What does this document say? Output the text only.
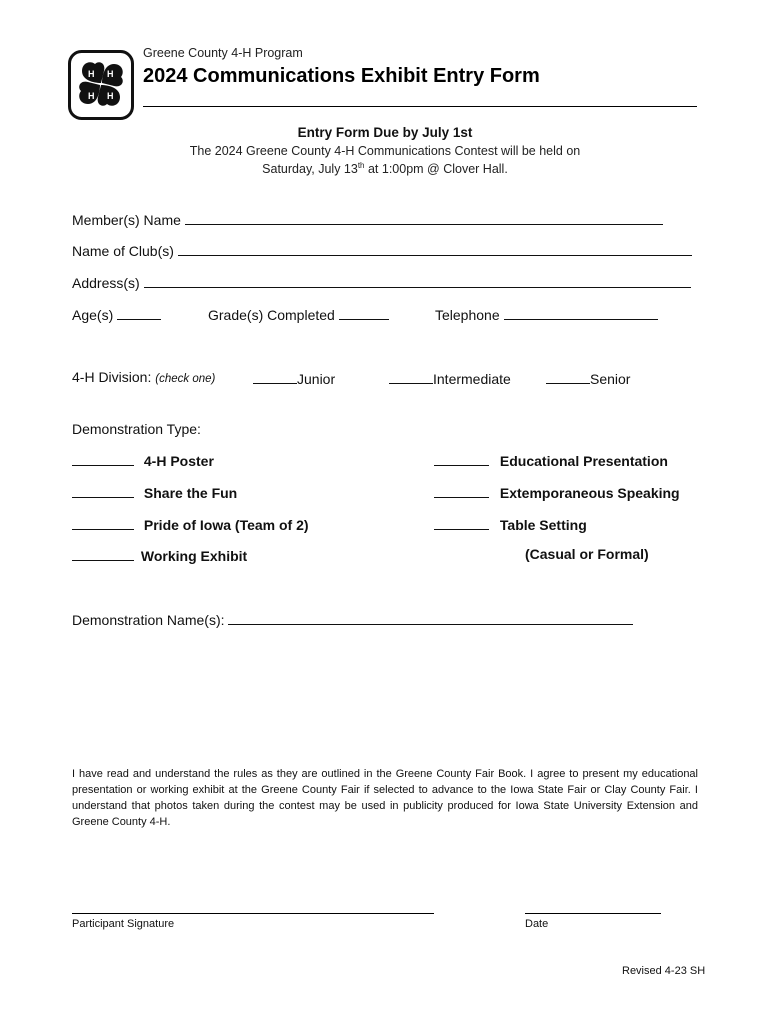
H H
H
H
Greene County 4-H Program
2024 Communications Exhibit Entry Form
Entry Form Due by July 1st
The 2024 Greene County 4-H Communications Contest will be held on
Saturday, July 13th at 1:00pm @ Clover Hall.
Member(s) Name
Name of Club(s)
Address(s)
Age(s)	Grade(s) Completed	Telephone
4-H Division: (check one)	Junior	Intermediate	Senior
Demonstration Type:
4-H Poster
Share the Fun
Pride of Iowa (Team of 2)
Working Exhibit
Educational Presentation
Extemporaneous Speaking
Table Setting
(Casual or Formal)
Demonstration Name(s):
I have read and understand the rules as they are outlined in the Greene County Fair Book. I agree to present my educational presentation or working exhibit at the Greene County Fair if selected to advance to the Iowa State Fair or Clay County Fair. I understand that photos taken during the contest may be used in publicity produced for Iowa State University Extension and Greene County 4-H.
Participant Signature	Date
Revised 4-23 SH
